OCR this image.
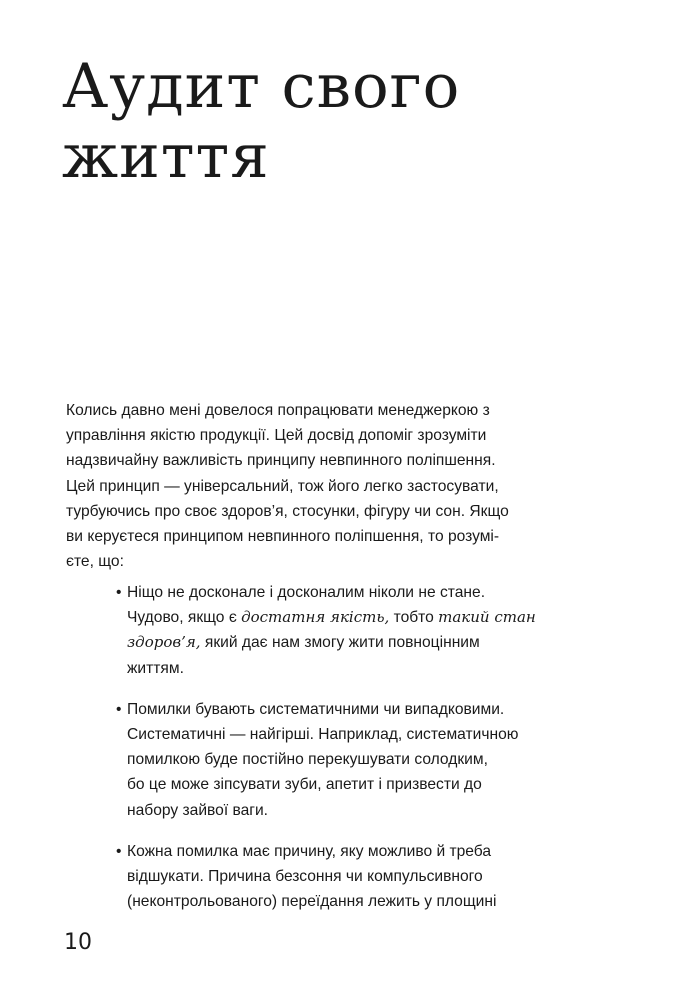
Аудит свого
життя

Колись давно мені довелося попрацювати менеджеркою з
управління якістю продукції. Цей досвід допоміг зрозуміти
надзвичайну важливість принципу невпинного поліпшення.
Цей принцип — універсальний, тож його легко застосувати,
турбуючись про своє здоров’я, стосунки, фігуру чи сон. Якщо
ви керуєтеся принципом невпинного поліпшення, то розумі-
єте, що:

• Ніщо не досконале і досконалим ніколи не стане.
Чудово, якщо є достатня якість, тобто такий стан
здоров’я, який дає нам змогу жити повноцінним
життям.
• Помилки бувають систематичними чи випадковими.
Систематичні — найгірші. Наприклад, систематичною
помилкою буде постійно перекушувати солодким,
бо це може зіпсувати зуби, апетит і призвести до
набору зайвої ваги.
• Кожна помилка має причину, яку можливо й треба
відшукати. Причина безсоння чи компульсивного
(неконтрольованого) переїдання лежить у площині
10
